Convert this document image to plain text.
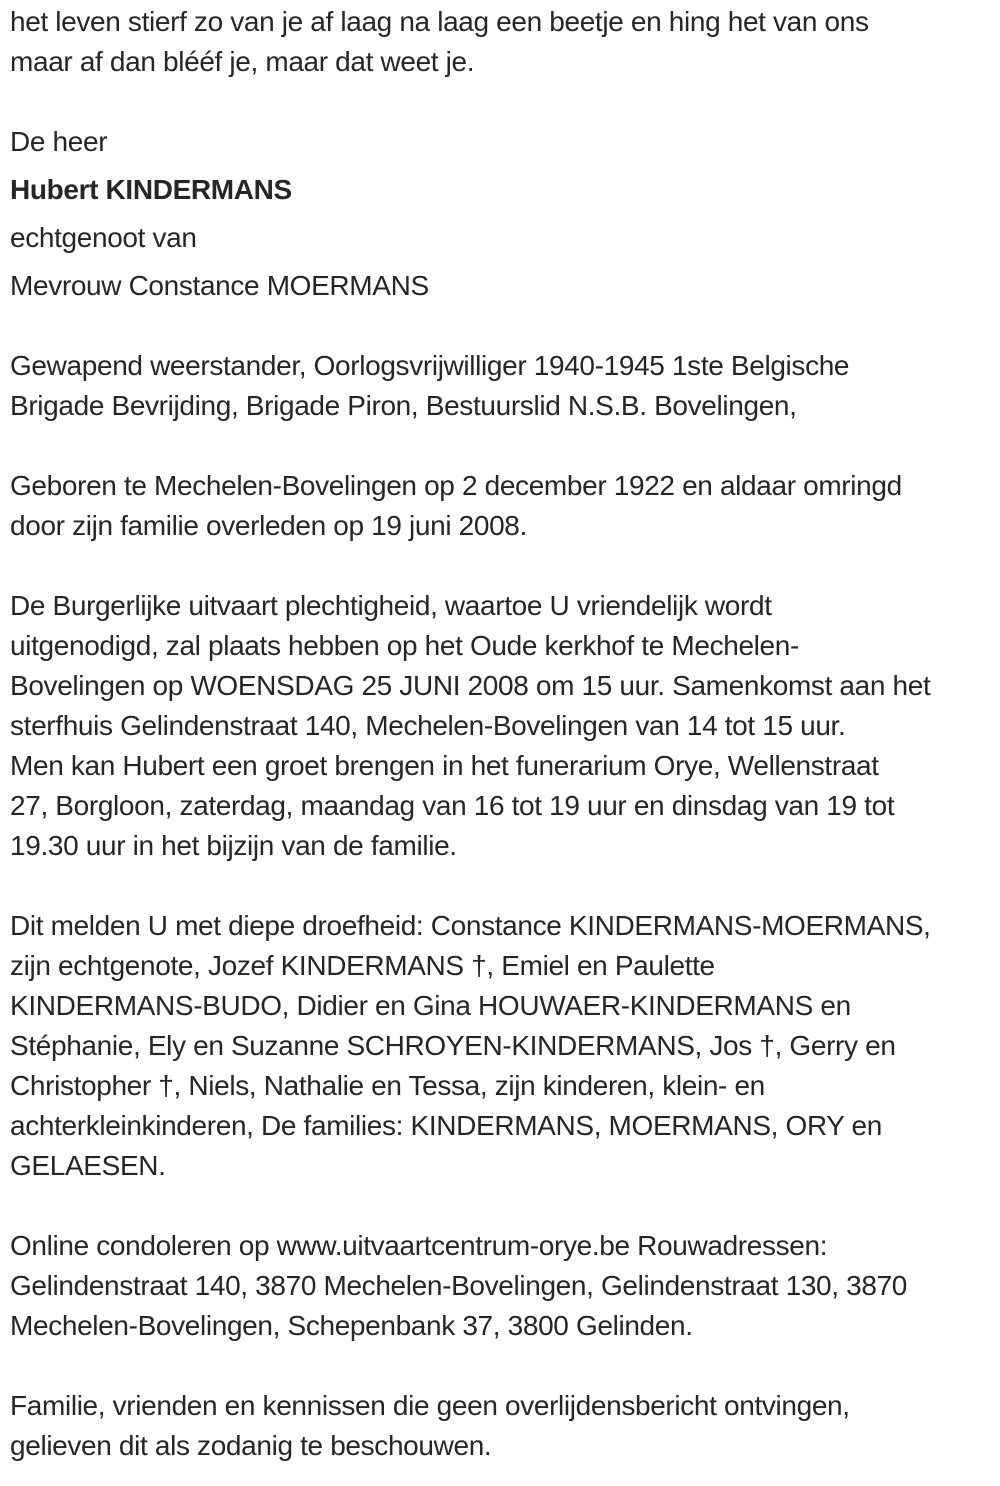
het leven stierf zo van je af laag na laag een beetje en hing het van ons
maar af dan blééf je, maar dat weet je.
De heer
Hubert KINDERMANS
echtgenoot van
Mevrouw Constance MOERMANS
Gewapend weerstander, Oorlogsvrijwilliger 1940-1945 1ste Belgische
Brigade Bevrijding, Brigade Piron, Bestuurslid N.S.B. Bovelingen,
Geboren te Mechelen-Bovelingen op 2 december 1922 en aldaar omringd
door zijn familie overleden op 19 juni 2008.
De Burgerlijke uitvaart plechtigheid, waartoe U vriendelijk wordt
uitgenodigd, zal plaats hebben op het Oude kerkhof te Mechelen-
Bovelingen op WOENSDAG 25 JUNI 2008 om 15 uur. Samenkomst aan het
sterfhuis Gelindenstraat 140, Mechelen-Bovelingen van 14 tot 15 uur.
Men kan Hubert een groet brengen in het funerarium Orye, Wellenstraat
27, Borgloon, zaterdag, maandag van 16 tot 19 uur en dinsdag van 19 tot
19.30 uur in het bijzijn van de familie.
Dit melden U met diepe droefheid: Constance KINDERMANS-MOERMANS,
zijn echtgenote, Jozef KINDERMANS †, Emiel en Paulette
KINDERMANS-BUDO, Didier en Gina HOUWAER-KINDERMANS en
Stéphanie, Ely en Suzanne SCHROYEN-KINDERMANS, Jos †, Gerry en
Christopher †, Niels, Nathalie en Tessa, zijn kinderen, klein- en
achterkleinkinderen, De families: KINDERMANS, MOERMANS, ORY en
GELAESEN.
Online condoleren op www.uitvaartcentrum-orye.be Rouwadressen:
Gelindenstraat 140, 3870 Mechelen-Bovelingen, Gelindenstraat 130, 3870
Mechelen-Bovelingen, Schepenbank 37, 3800 Gelinden.
Familie, vrienden en kennissen die geen overlijdensbericht ontvingen,
gelieven dit als zodanig te beschouwen.
